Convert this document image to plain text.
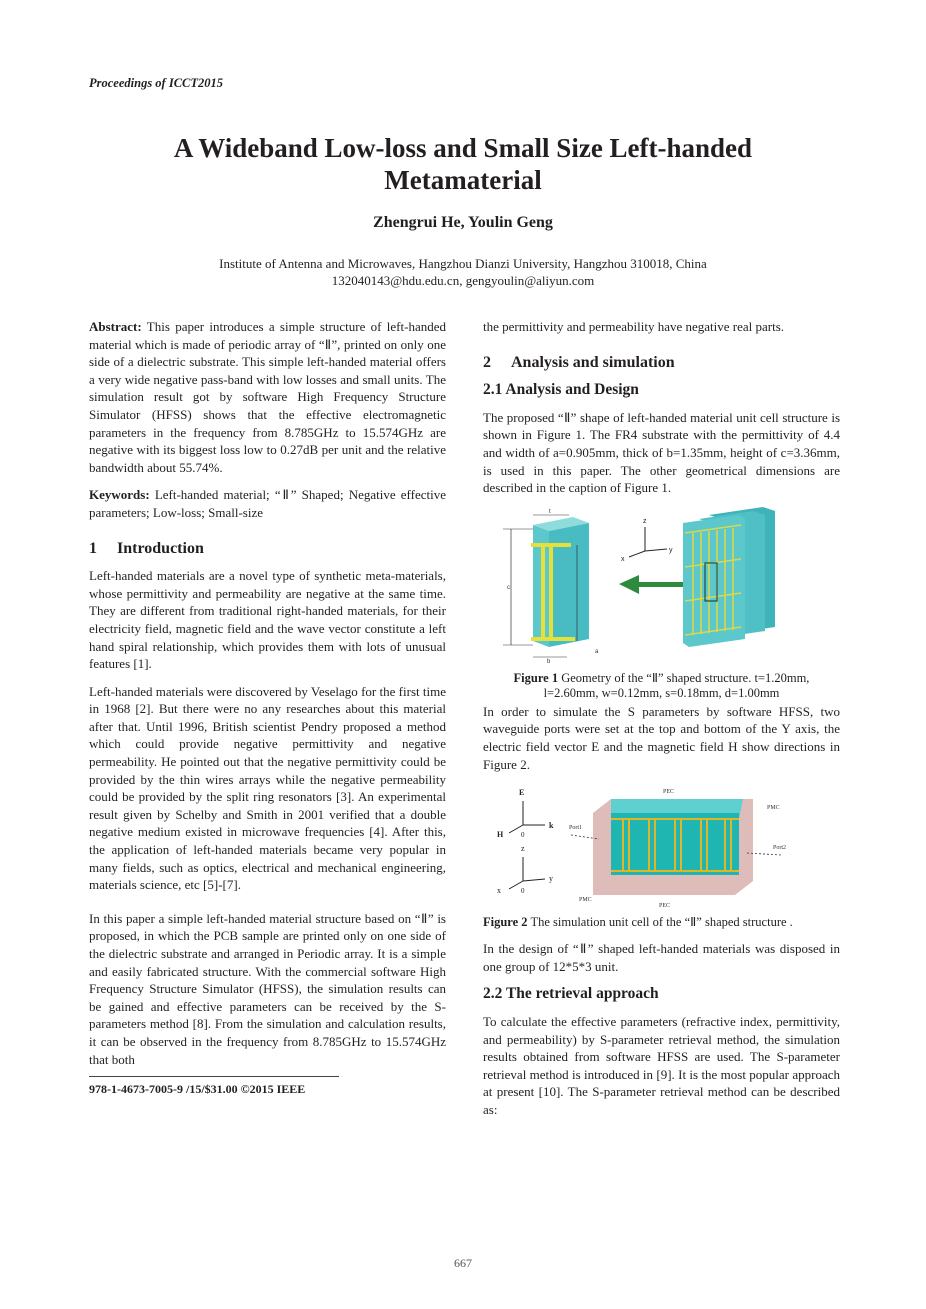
Proceedings of ICCT2015
A Wideband Low-loss and Small Size Left-handed
Metamaterial
Zhengrui He, Youlin Geng
Institute of Antenna and Microwaves, Hangzhou Dianzi University, Hangzhou 310018, China
132040143@hdu.edu.cn, gengyoulin@aliyun.com

Abstract: This paper introduces a simple structure of left-handed material which is made of periodic array of “Ⅱ”, printed on only one side of a dielectric substrate. This simple left-handed material offers a very wide negative pass-band with low losses and small units. The simulation result got by software High Frequency Structure Simulator (HFSS) shows that the effective electromagnetic parameters in the frequency from 8.785GHz to 15.574GHz are negative with its biggest loss low to 0.27dB per unit and the relative bandwidth about 55.74%.

Keywords: Left-handed material; “Ⅱ” Shaped; Negative effective parameters; Low-loss; Small-size

1 Introduction

Left-handed materials are a novel type of synthetic meta-materials, whose permittivity and permeability are negative at the same time. They are different from traditional right-handed materials, for their electricity field, magnetic field and the wave vector constitute a left hand spiral relationship, which provides them with lots of unusual features [1].

Left-handed materials were discovered by Veselago for the first time in 1968 [2]. But there were no any researches about this material after that. Until 1996, British scientist Pendry proposed a method which could provide negative permittivity and negative permeability. He pointed out that the negative permittivity could be provided by the thin wires arrays while the negative permeability could be provided by the split ring resonators [3]. An experimental result given by Schelby and Smith in 2001 verified that a double negative medium existed in microwave frequencies [4]. After this, the application of left-handed materials became very popular in many fields, such as optics, electrical and mechanical engineering, materials science, etc [5]-[7].

In this paper a simple left-handed material structure based on “Ⅱ” is proposed, in which the PCB sample are printed only on one side of the dielectric substrate and arranged in Periodic array. It is a simple and easily fabricated structure. With the commercial software High Frequency Structure Simulator (HFSS), the simulation results can be gained and effective parameters can be received by the S-parameters method [8]. From the simulation and calculation results, it can be observed in the frequency from 8.785GHz to 15.574GHz that both

978-1-4673-7005-9 /15/$31.00 ©2015 IEEE

the permittivity and permeability have negative real parts.

2 Analysis and simulation
2.1 Analysis and Design

The proposed “Ⅱ” shape of left-handed material unit cell structure is shown in Figure 1. The FR4 substrate with the permittivity of 4.4 and width of a=0.905mm, thick of b=1.35mm, height of c=3.36mm, is used in this paper. The other geometrical dimensions are described in the caption of Figure 1.

t
c
b
a
z
y
x
Figure 1 Geometry of the “Ⅱ” shaped structure. t=1.20mm,
l=2.60mm, w=0.12mm, s=0.18mm, d=1.00mm

In order to simulate the S parameters by software HFSS, two waveguide ports were set at the top and bottom of the Y axis, the electric field vector E and the magnetic field H show directions in Figure 2.

E
k
H	0
z
y
x	0
PEC
PEC
PMC
PMC
Port1
Port2
Figure 2 The simulation unit cell of the “Ⅱ” shaped structure .

In the design of “Ⅱ” shaped left-handed materials was disposed in one group of 12*5*3 unit.

2.2 The retrieval approach

To calculate the effective parameters (refractive index, permittivity, and permeability) by S-parameter retrieval method, the simulation results obtained from software HFSS are used. The S-parameter retrieval method is introduced in [9]. It is the most popular approach at present [10]. The S-parameter retrieval method can be described as:

667
